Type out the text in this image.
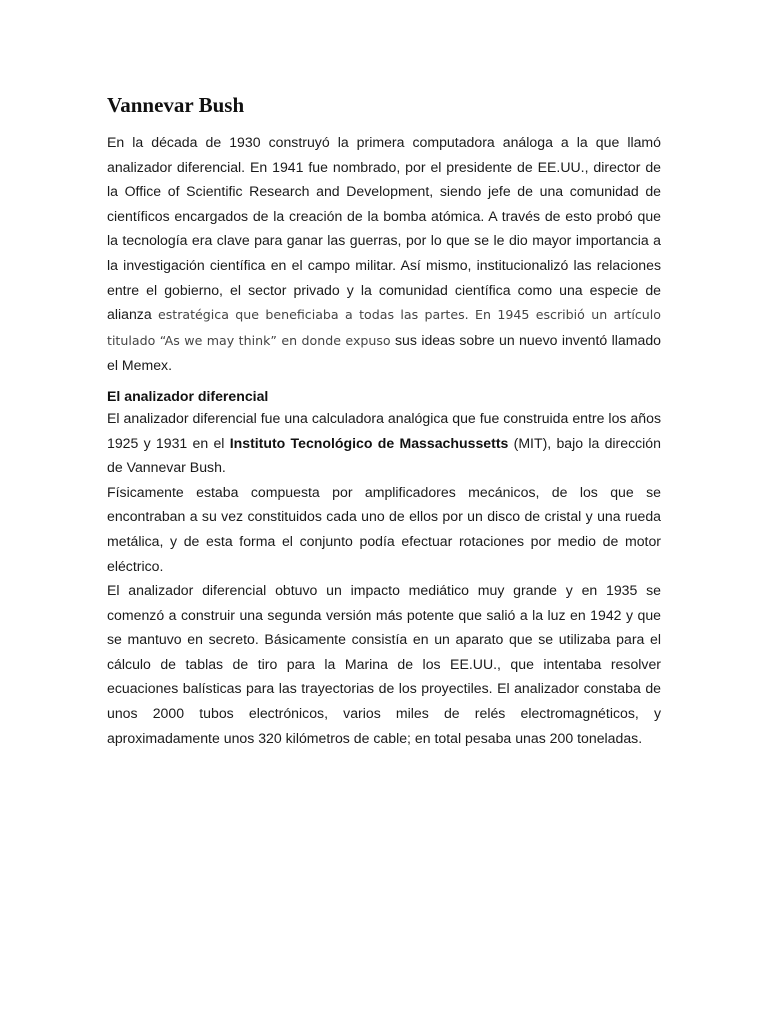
Vannevar Bush

En la década de 1930 construyó la primera computadora análoga a la que llamó analizador diferencial. En 1941 fue nombrado, por el presidente de EE.UU., director de la Office of Scientific Research and Development, siendo jefe de una comunidad de científicos encargados de la creación de la bomba atómica. A través de esto probó que la tecnología era clave para ganar las guerras, por lo que se le dio mayor importancia a la investigación científica en el campo militar. Así mismo, institucionalizó las relaciones entre el gobierno, el sector privado y la comunidad científica como una especie de alianza estratégica que beneficiaba a todas las partes. En 1945 escribió un artículo titulado “As we may think” en donde expuso sus ideas sobre un nuevo inventó llamado el Memex.

El analizador diferencial

El analizador diferencial fue una calculadora analógica que fue construida entre los años 1925 y 1931 en el Instituto Tecnológico de Massachussetts (MIT), bajo la dirección de Vannevar Bush.

Físicamente estaba compuesta por amplificadores mecánicos, de los que se encontraban a su vez constituidos cada uno de ellos por un disco de cristal y una rueda metálica, y de esta forma el conjunto podía efectuar rotaciones por medio de motor eléctrico.

El analizador diferencial obtuvo un impacto mediático muy grande y en 1935 se comenzó a construir una segunda versión más potente que salió a la luz en 1942 y que se mantuvo en secreto. Básicamente consistía en un aparato que se utilizaba para el cálculo de tablas de tiro para la Marina de los EE.UU., que intentaba resolver ecuaciones balísticas para las trayectorias de los proyectiles. El analizador constaba de unos 2000 tubos electrónicos, varios miles de relés electromagnéticos, y aproximadamente unos 320 kilómetros de cable; en total pesaba unas 200 toneladas.
